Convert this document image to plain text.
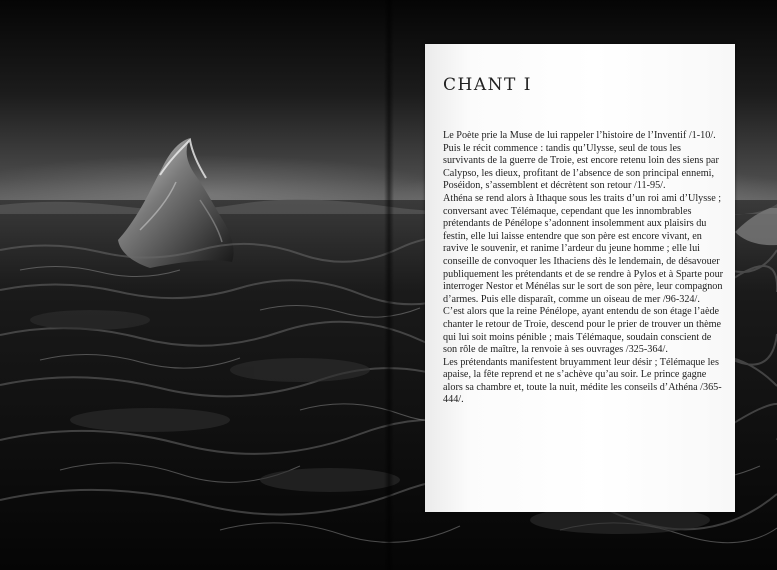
CHANT I

Le Poète prie la Muse de lui rappeler l’histoire de l’Inventif /1-10/.

Puis le récit commence : tandis qu’Ulysse, seul de tous les survivants de la guerre de Troie, est encore retenu loin des siens par Calypso, les dieux, profitant de l’absence de son principal ennemi, Poséidon, s’assemblent et décrètent son retour /11-95/.

Athéna se rend alors à Ithaque sous les traits d’un roi ami d’Ulysse ; conversant avec Télémaque, cependant que les innombrables prétendants de Pénélope s’adonnent insolemment aux plaisirs du festin, elle lui laisse entendre que son père est encore vivant, en ravive le souvenir, et ranime l’ardeur du jeune homme ; elle lui conseille de convoquer les Ithaciens dès le lendemain, de désavouer publiquement les prétendants et de se rendre à Pylos et à Sparte pour interroger Nestor et Ménélas sur le sort de son père, leur compagnon d’armes. Puis elle disparaît, comme un oiseau de mer /96-324/.

C’est alors que la reine Pénélope, ayant entendu de son étage l’aède chanter le retour de Troie, descend pour le prier de trouver un thème qui lui soit moins pénible ; mais Télémaque, soudain conscient de son rôle de maître, la renvoie à ses ouvrages /325-364/.

Les prétendants manifestent bruyamment leur désir ; Télémaque les apaise, la fête reprend et ne s’achève qu’au soir. Le prince gagne alors sa chambre et, toute la nuit, médite les conseils d’Athéna /365-444/.
